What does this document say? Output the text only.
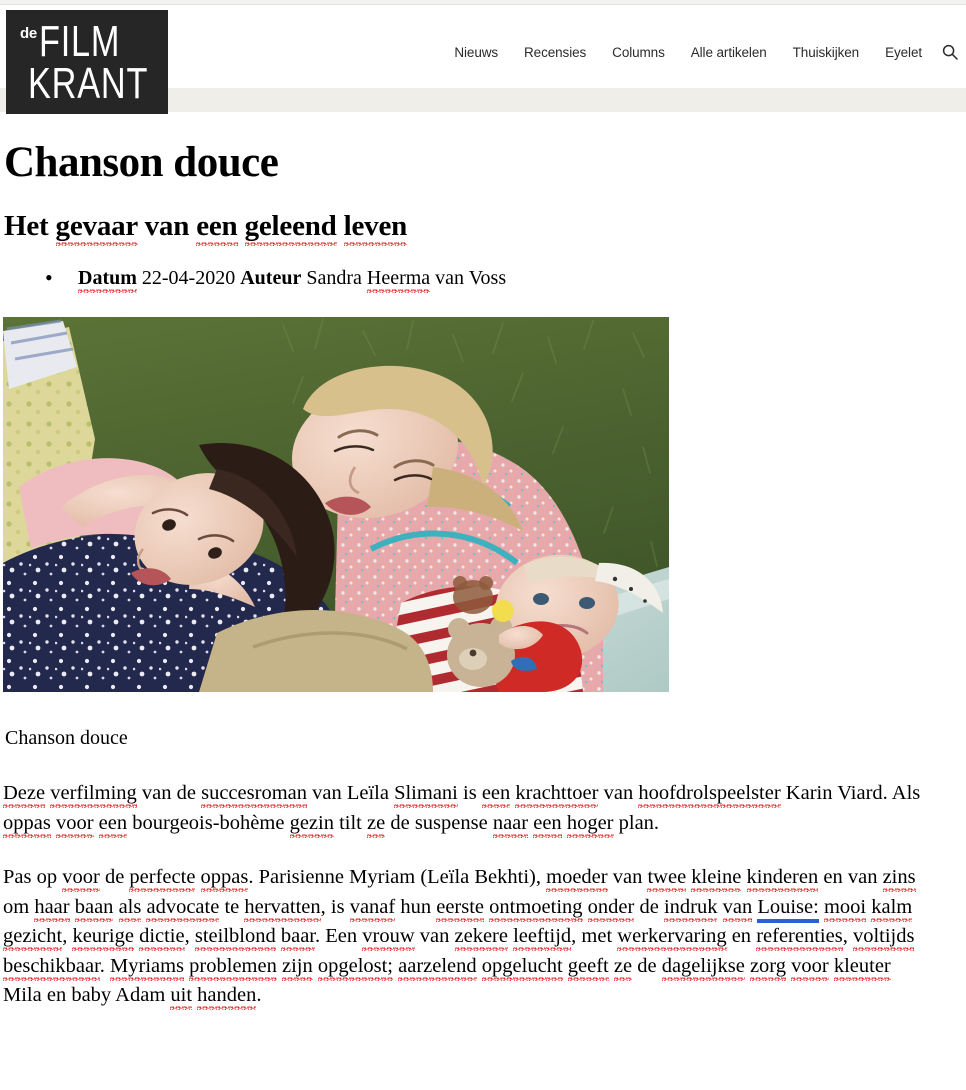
de FILM
KRANT
Nieuws Recensies Columns Alle artikelen Thuiskijken Eyelet
Chanson douce
Het gevaar van een geleend leven
• Datum 22-04-2020 Auteur Sandra Heerma van Voss
Chanson douce

Deze verfilming van de succesroman van Leïla Slimani is een krachttoer van hoofdrolspeelster Karin Viard. Als oppas voor een bourgeois-bohème gezin tilt ze de suspense naar een hoger plan.

Pas op voor de perfecte oppas. Parisienne Myriam (Leïla Bekhti), moeder van twee kleine kinderen en van zins om haar baan als advocate te hervatten, is vanaf hun eerste ontmoeting onder de indruk van Louise: mooi kalm gezicht, keurige dictie, steilblond baar. Een vrouw van zekere leeftijd, met werkervaring en referenties, voltijds beschikbaar. Myriams problemen zijn opgelost; aarzelend opgelucht geeft ze de dagelijkse zorg voor kleuter Mila en baby Adam uit handen.
